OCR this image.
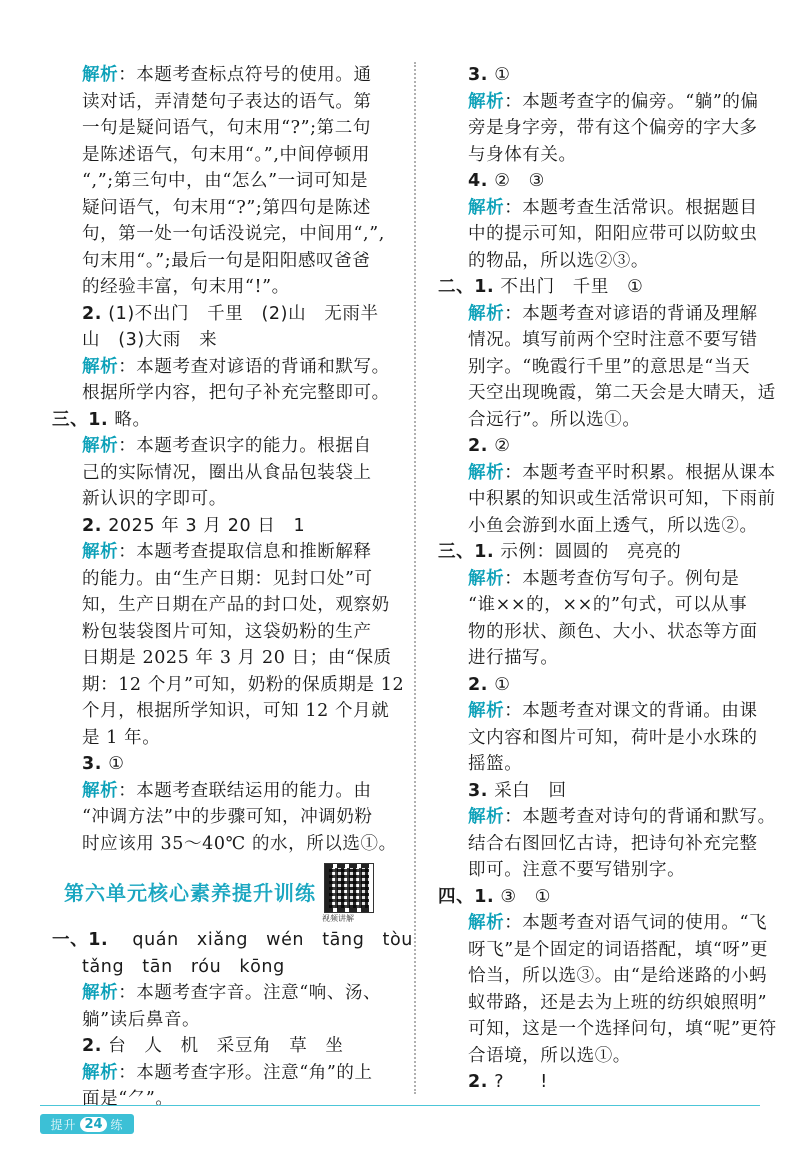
解析：本题考查标点符号的使用。通
读对话，弄清楚句子表达的语气。第
一句是疑问语气，句末用“?”;第二句
是陈述语气，句末用“。”,中间停顿用
“,”;第三句中，由“怎么”一词可知是
疑问语气，句末用“?”;第四句是陈述
句，第一处一句话没说完，中间用“,”,
句末用“。”;最后一句是阳阳感叹爸爸
的经验丰富，句末用“!”。
2. (1)不出门　千里　(2)山　无雨半
山　(3)大雨　来
解析：本题考查对谚语的背诵和默写。
根据所学内容，把句子补充完整即可。
三、1. 略。
解析：本题考查识字的能力。根据自
己的实际情况，圈出从食品包装袋上
新认识的字即可。
2. 2025 年 3 月 20 日　1
解析：本题考查提取信息和推断解释
的能力。由“生产日期：见封口处”可
知，生产日期在产品的封口处，观察奶
粉包装袋图片可知，这袋奶粉的生产
日期是 2025 年 3 月 20 日；由“保质
期：12 个月”可知，奶粉的保质期是 12
个月，根据所学知识，可知 12 个月就
是 1 年。
3. ①
解析：本题考查联结运用的能力。由
“冲调方法”中的步骤可知，冲调奶粉
时应该用 35～40℃ 的水，所以选①。
第六单元核心素养提升训练
视频讲解
一、1. quán　xiǎng　wén　tāng　tòu
tǎng　tān　róu　kōng
解析：本题考查字音。注意“响、汤、
躺”读后鼻音。
2. 台　人　机　采豆角　草　坐
解析：本题考查字形。注意“角”的上
面是“⺈”。
3. ①
解析：本题考查字的偏旁。“躺”的偏
旁是身字旁，带有这个偏旁的字大多
与身体有关。
4. ②　③
解析：本题考查生活常识。根据题目
中的提示可知，阳阳应带可以防蚊虫
的物品，所以选②③。
二、1. 不出门　千里　①
解析：本题考查对谚语的背诵及理解
情况。填写前两个空时注意不要写错
别字。“晚霞行千里”的意思是“当天
天空出现晚霞，第二天会是大晴天，适
合远行”。所以选①。
2. ②
解析：本题考查平时积累。根据从课本
中积累的知识或生活常识可知，下雨前
小鱼会游到水面上透气，所以选②。
三、1. 示例：圆圆的　亮亮的
解析：本题考查仿写句子。例句是
“谁××的，××的”句式，可以从事
物的形状、颜色、大小、状态等方面
进行描写。
2. ①
解析：本题考查对课文的背诵。由课
文内容和图片可知，荷叶是小水珠的
摇篮。
3. 采白　回
解析：本题考查对诗句的背诵和默写。
结合右图回忆古诗，把诗句补充完整
即可。注意不要写错别字。
四、1. ③　①
解析：本题考查对语气词的使用。“飞
呀飞”是个固定的词语搭配，填“呀”更
恰当，所以选③。由“是给迷路的小蚂
蚁带路，还是去为上班的纺织娘照明”
可知，这是一个选择问句，填“呢”更符
合语境，所以选①。
2. ?　　!
提升 24 练
